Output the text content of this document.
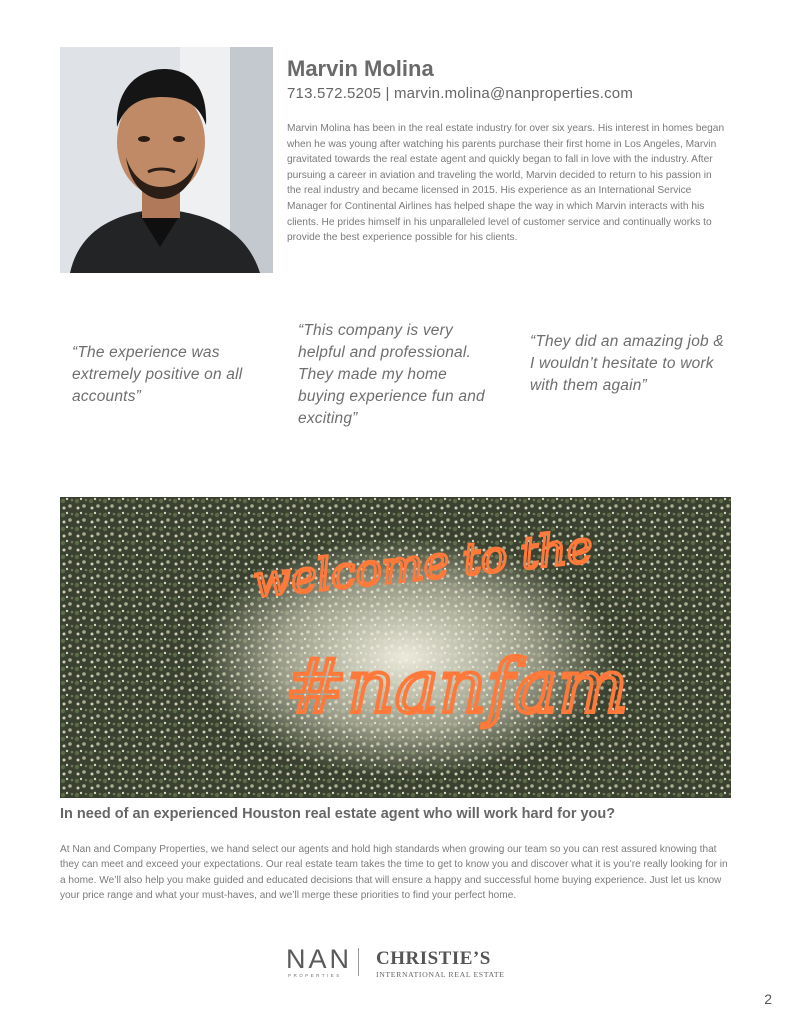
Marvin Molina
713.572.5205 | marvin.molina@nanproperties.com

Marvin Molina has been in the real estate industry for over six years. His interest in homes began when he was young after watching his parents purchase their first home in Los Angeles, Marvin gravitated towards the real estate agent and quickly began to fall in love with the industry. After pursuing a career in aviation and traveling the world, Marvin decided to return to his passion in the real industry and became licensed in 2015. His experience as an International Service Manager for Continental Airlines has helped shape the way in which Marvin interacts with his clients. He prides himself in his unparalleled level of customer service and continually works to provide the best experience possible for his clients.

“The experience was extremely positive on all accounts”

“This company is very helpful and professional. They made my home buying experience fun and exciting”

“They did an amazing job & I wouldn’t hesitate to work with them again”

welcome to the
#nanfam
In need of an experienced Houston real estate agent who will work hard for you?

At Nan and Company Properties, we hand select our agents and hold high standards when growing our team so you can rest assured knowing that they can meet and exceed your expectations. Our real estate team takes the time to get to know you and discover what it is you’re really looking for in a home. We’ll also help you make guided and educated decisions that will ensure a happy and successful home buying experience. Just let us know your price range and what your must-haves, and we’ll merge these priorities to find your perfect home.

NAN
PROPERTIES
CHRISTIE’S
INTERNATIONAL REAL ESTATE
2
